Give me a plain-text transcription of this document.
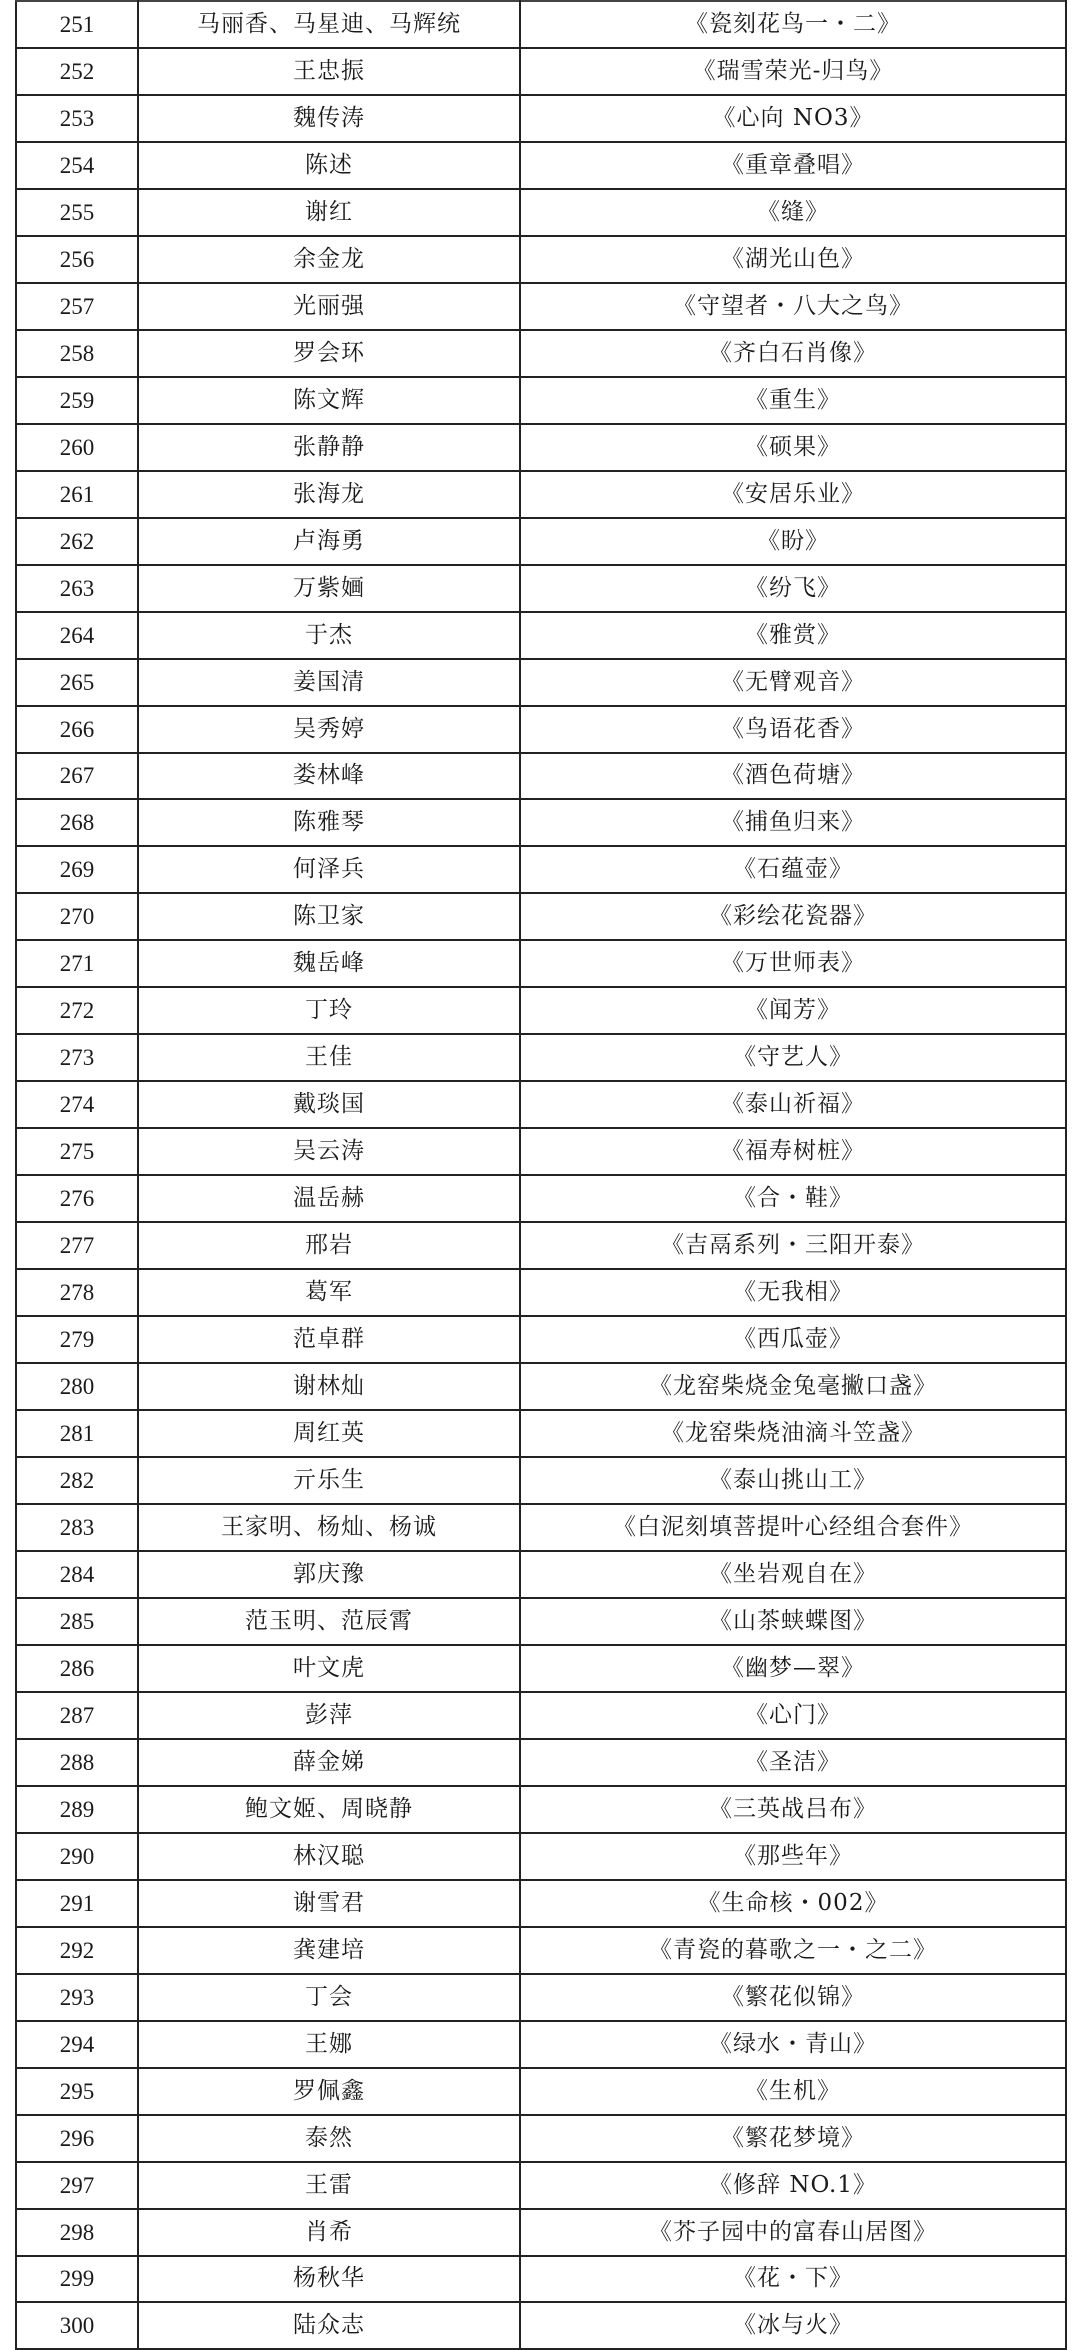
251	马丽香、马星迪、马辉统	《瓷刻花鸟一・二》
252	王忠振	《瑞雪荣光-归鸟》
253	魏传涛	《心向 NO3》
254	陈述	《重章叠唱》
255	谢红	《缝》
256	余金龙	《湖光山色》
257	光丽强	《守望者・八大之鸟》
258	罗会环	《齐白石肖像》
259	陈文辉	《重生》
260	张静静	《硕果》
261	张海龙	《安居乐业》
262	卢海勇	《盼》
263	万紫婳	《纷飞》
264	于杰	《雅赏》
265	姜国清	《无臂观音》
266	吴秀婷	《鸟语花香》
267	娄林峰	《酒色荷塘》
268	陈雅琴	《捕鱼归来》
269	何泽兵	《石蕴壶》
270	陈卫家	《彩绘花瓷器》
271	魏岳峰	《万世师表》
272	丁玲	《闻芳》
273	王佳	《守艺人》
274	戴琰国	《泰山祈福》
275	吴云涛	《福寿树桩》
276	温岳赫	《合・鞋》
277	邢岩	《吉鬲系列・三阳开泰》
278	葛军	《无我相》
279	范卓群	《西瓜壶》
280	谢林灿	《龙窑柴烧金兔毫撇口盏》
281	周红英	《龙窑柴烧油滴斗笠盏》
282	亓乐生	《泰山挑山工》
283	王家明、杨灿、杨诚	《白泥刻填菩提叶心经组合套件》
284	郭庆豫	《坐岩观自在》
285	范玉明、范辰霄	《山茶蛱蝶图》
286	叶文虎	《幽梦—翠》
287	彭萍	《心门》
288	薛金娣	《圣洁》
289	鲍文姬、周晓静	《三英战吕布》
290	林汉聪	《那些年》
291	谢雪君	《生命核・002》
292	龚建培	《青瓷的暮歌之一・之二》
293	丁会	《繁花似锦》
294	王娜	《绿水・青山》
295	罗佩鑫	《生机》
296	泰然	《繁花梦境》
297	王雷	《修辞 NO.1》
298	肖希	《芥子园中的富春山居图》
299	杨秋华	《花・下》
300	陆众志	《冰与火》
